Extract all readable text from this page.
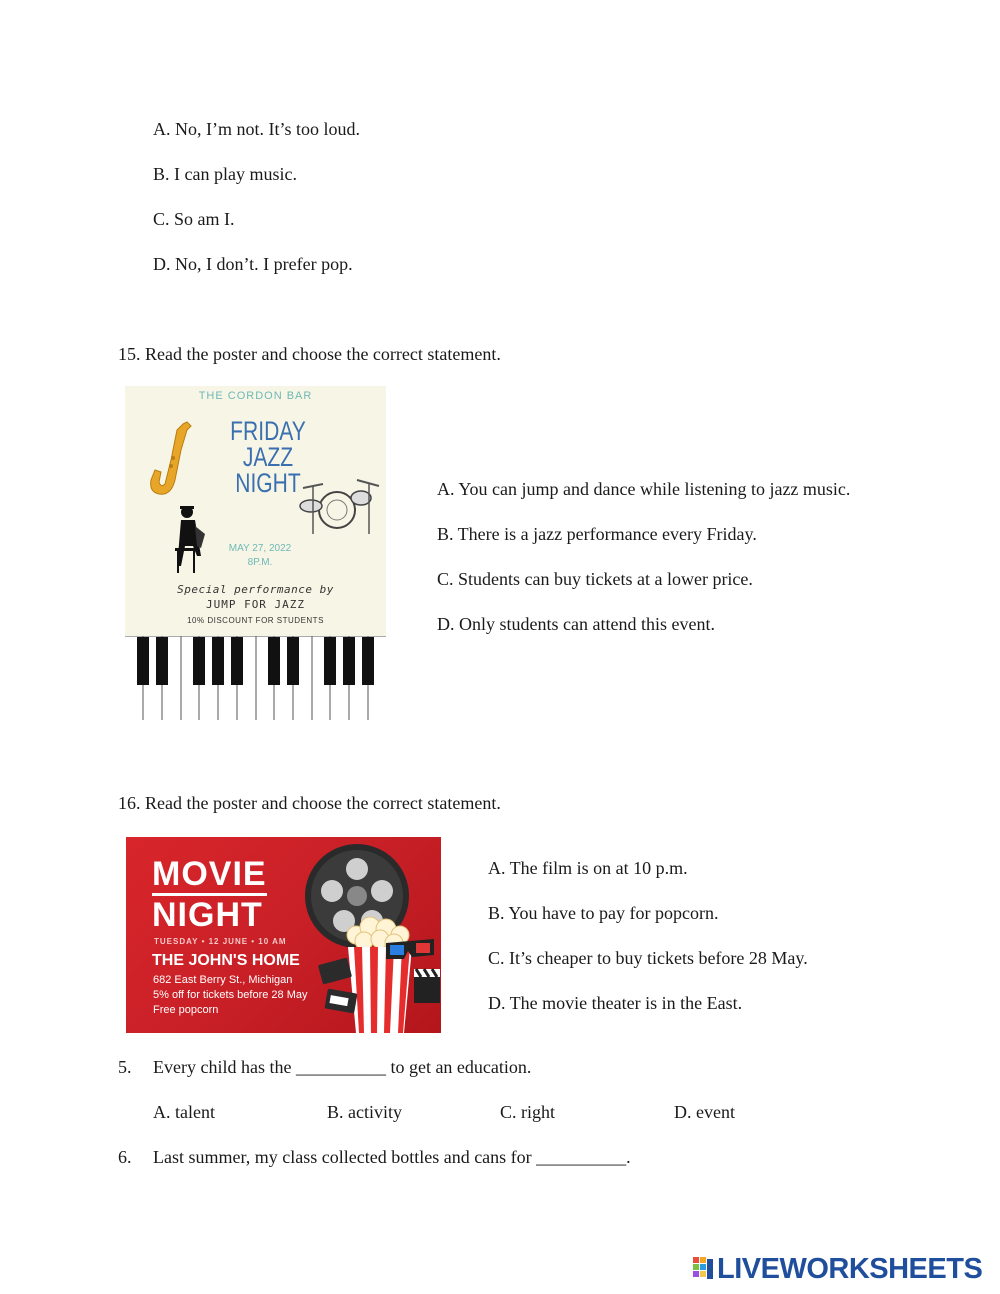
A. No, I’m not. It’s too loud.
B. I can play music.
C. So am I.
D. No, I don’t. I prefer pop.
15. Read the poster and choose the correct statement.
THE CORDON BAR
FRIDAY
JAZZ
NIGHT
MAY 27, 2022
8P.M.
Special performance by
JUMP FOR JAZZ
10% DISCOUNT FOR STUDENTS
A. You can jump and dance while listening to jazz music.
B. There is a jazz performance every Friday.
C. Students can buy tickets at a lower price.
D. Only students can attend this event.
16. Read the poster and choose the correct statement.
MOVIE
NIGHT
TUESDAY • 12 JUNE • 10 AM
THE JOHN'S HOME
682 East Berry St., Michigan
5% off for tickets before 28 May
Free popcorn
A. The film is on at 10 p.m.
B. You have to pay for popcorn.
C. It’s cheaper to buy tickets before 28 May.
D. The movie theater is in the East.
5. Every child has the __________ to get an education.
A. talent	B. activity	C. right	D. event
6. Last summer, my class collected bottles and cans for __________.
LIVEWORKSHEETS
